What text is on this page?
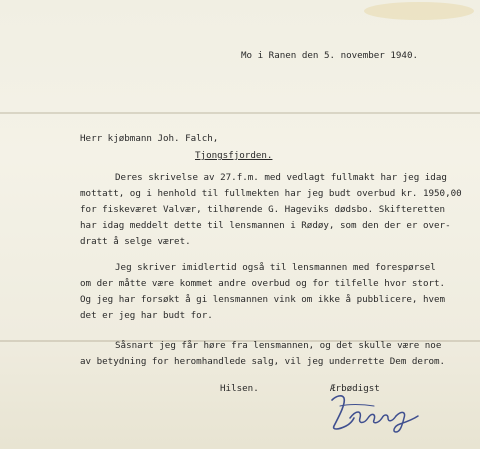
Mo i Ranen den 5. november 1940.
Herr kjøbmann Joh. Falch,
Tjongsfjorden.
Deres skrivelse av 27.f.m. med vedlagt fullmakt har jeg idag
mottatt, og i henhold til fullmekten har jeg budt overbud kr. 1950,00
for fiskeværet Valvær, tilhørende G. Hageviks dødsbo. Skifteretten
har idag meddelt dette til lensmannen i Rødøy, som den der er over-
dratt å selge været.
Jeg skriver imidlertid også til lensmannen med forespørsel
om der måtte være kommet andre overbud og for tilfelle hvor stort.
Og jeg har forsøkt å gi lensmannen vink om ikke å pubblicere, hvem
det er jeg har budt for.
Såsnart jeg får høre fra lensmannen, og det skulle være noe
av betydning for heromhandlede salg, vil jeg underrette Dem derom.
Hilsen.	Ærbødigst
